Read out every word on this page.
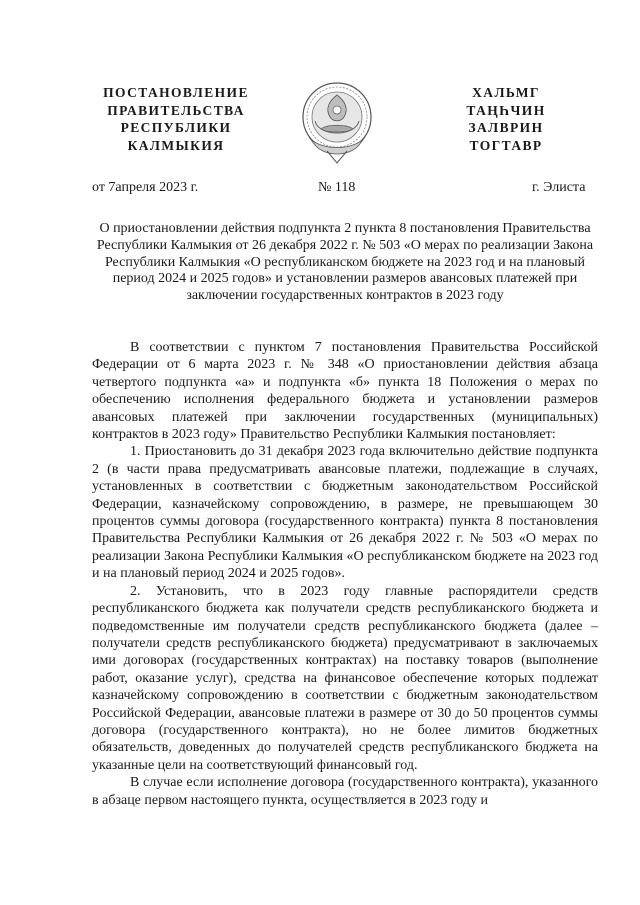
ПОСТАНОВЛЕНИЕ
ПРАВИТЕЛЬСТВА
РЕСПУБЛИКИ
КАЛМЫКИЯ
ХАЛЬМГ
ТАҢҺЧИН
ЗАЛВРИН
ТОГТАВР
от 7апреля 2023 г.	№ 118	г. Элиста
О приостановлении действия подпункта 2 пункта 8 постановления Правительства Республики Калмыкия от 26 декабря 2022 г. № 503 «О мерах по реализации Закона Республики Калмыкия «О республиканском бюджете на 2023 год и на плановый период 2024 и 2025 годов» и установлении размеров авансовых платежей при заключении государственных контрактов в 2023 году

В соответствии с пунктом 7 постановления Правительства Российской Федерации от 6 марта 2023 г. № 348 «О приостановлении действия абзаца четвертого подпункта «а» и подпункта «б» пункта 18 Положения о мерах по обеспечению исполнения федерального бюджета и установлении размеров авансовых платежей при заключении государственных (муниципальных) контрактов в 2023 году» Правительство Республики Калмыкия постановляет:

1. Приостановить до 31 декабря 2023 года включительно действие подпункта 2 (в части права предусматривать авансовые платежи, подлежащие в случаях, установленных в соответствии с бюджетным законодательством Российской Федерации, казначейскому сопровождению, в размере, не превышающем 30 процентов суммы договора (государственного контракта) пункта 8 постановления Правительства Республики Калмыкия от 26 декабря 2022 г. № 503 «О мерах по реализации Закона Республики Калмыкия «О республиканском бюджете на 2023 год и на плановый период 2024 и 2025 годов».

2. Установить, что в 2023 году главные распорядители средств республиканского бюджета как получатели средств республиканского бюджета и подведомственные им получатели средств республиканского бюджета (далее – получатели средств республиканского бюджета) предусматривают в заключаемых ими договорах (государственных контрактах) на поставку товаров (выполнение работ, оказание услуг), средства на финансовое обеспечение которых подлежат казначейскому сопровождению в соответствии с бюджетным законодательством Российской Федерации, авансовые платежи в размере от 30 до 50 процентов суммы договора (государственного контракта), но не более лимитов бюджетных обязательств, доведенных до получателей средств республиканского бюджета на указанные цели на соответствующий финансовый год.

В случае если исполнение договора (государственного контракта), указанного в абзаце первом настоящего пункта, осуществляется в 2023 году и
